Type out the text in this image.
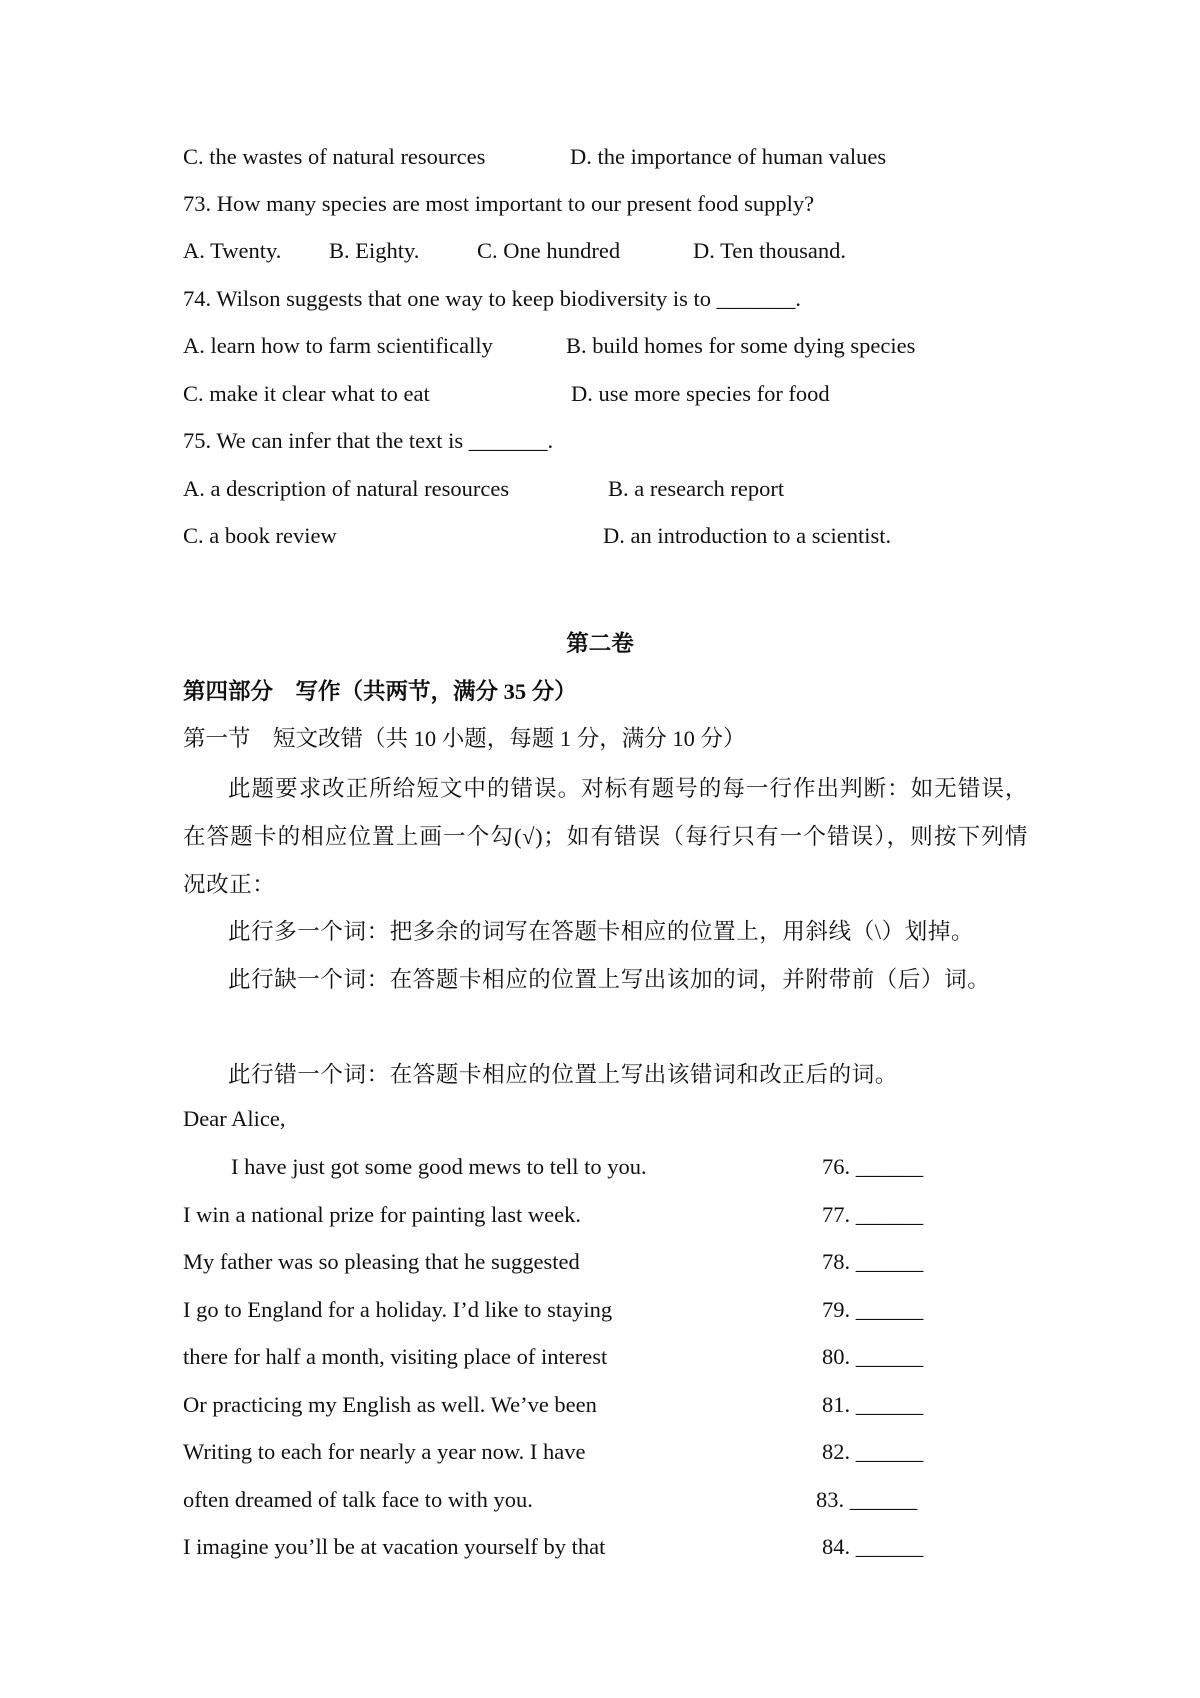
C. the wastes of natural resources	D. the importance of human values
73. How many species are most important to our present food supply?
A. Twenty. B. Eighty.	C. One hundred	D. Ten thousand.
74. Wilson suggests that one way to keep biodiversity is to _______.
A. learn how to farm scientifically	B. build homes for some dying species
C. make it clear what to eat	D. use more species for food
75. We can infer that the text is _______.
A. a description of natural resources	B. a research report
C. a book review	D. an introduction to a scientist.
第二卷
第四部分　写作（共两节，满分 35 分）
第一节　短文改错（共 10 小题，每题 1 分，满分 10 分）
此题要求改正所给短文中的错误。对标有题号的每一行作出判断：如无错误，在答题卡的相应位置上画一个勾(√)；如有错误（每行只有一个错误），则按下列情况改正：
此行多一个词：把多余的词写在答题卡相应的位置上，用斜线（\）划掉。
此行缺一个词：在答题卡相应的位置上写出该加的词，并附带前（后）词。
此行错一个词：在答题卡相应的位置上写出该错词和改正后的词。
Dear Alice,
I have just got some good mews to tell to you.	76. ______
I win a national prize for painting last week.	77. ______
My father was so pleasing that he suggested	78. ______
I go to England for a holiday. I’d like to staying	79. ______
there for half a month, visiting place of interest	80. ______
Or practicing my English as well. We’ve been	81. ______
Writing to each for nearly a year now. I have	82. ______
often dreamed of talk face to with you.	83. ______
I imagine you’ll be at vacation yourself by that	84. ______
